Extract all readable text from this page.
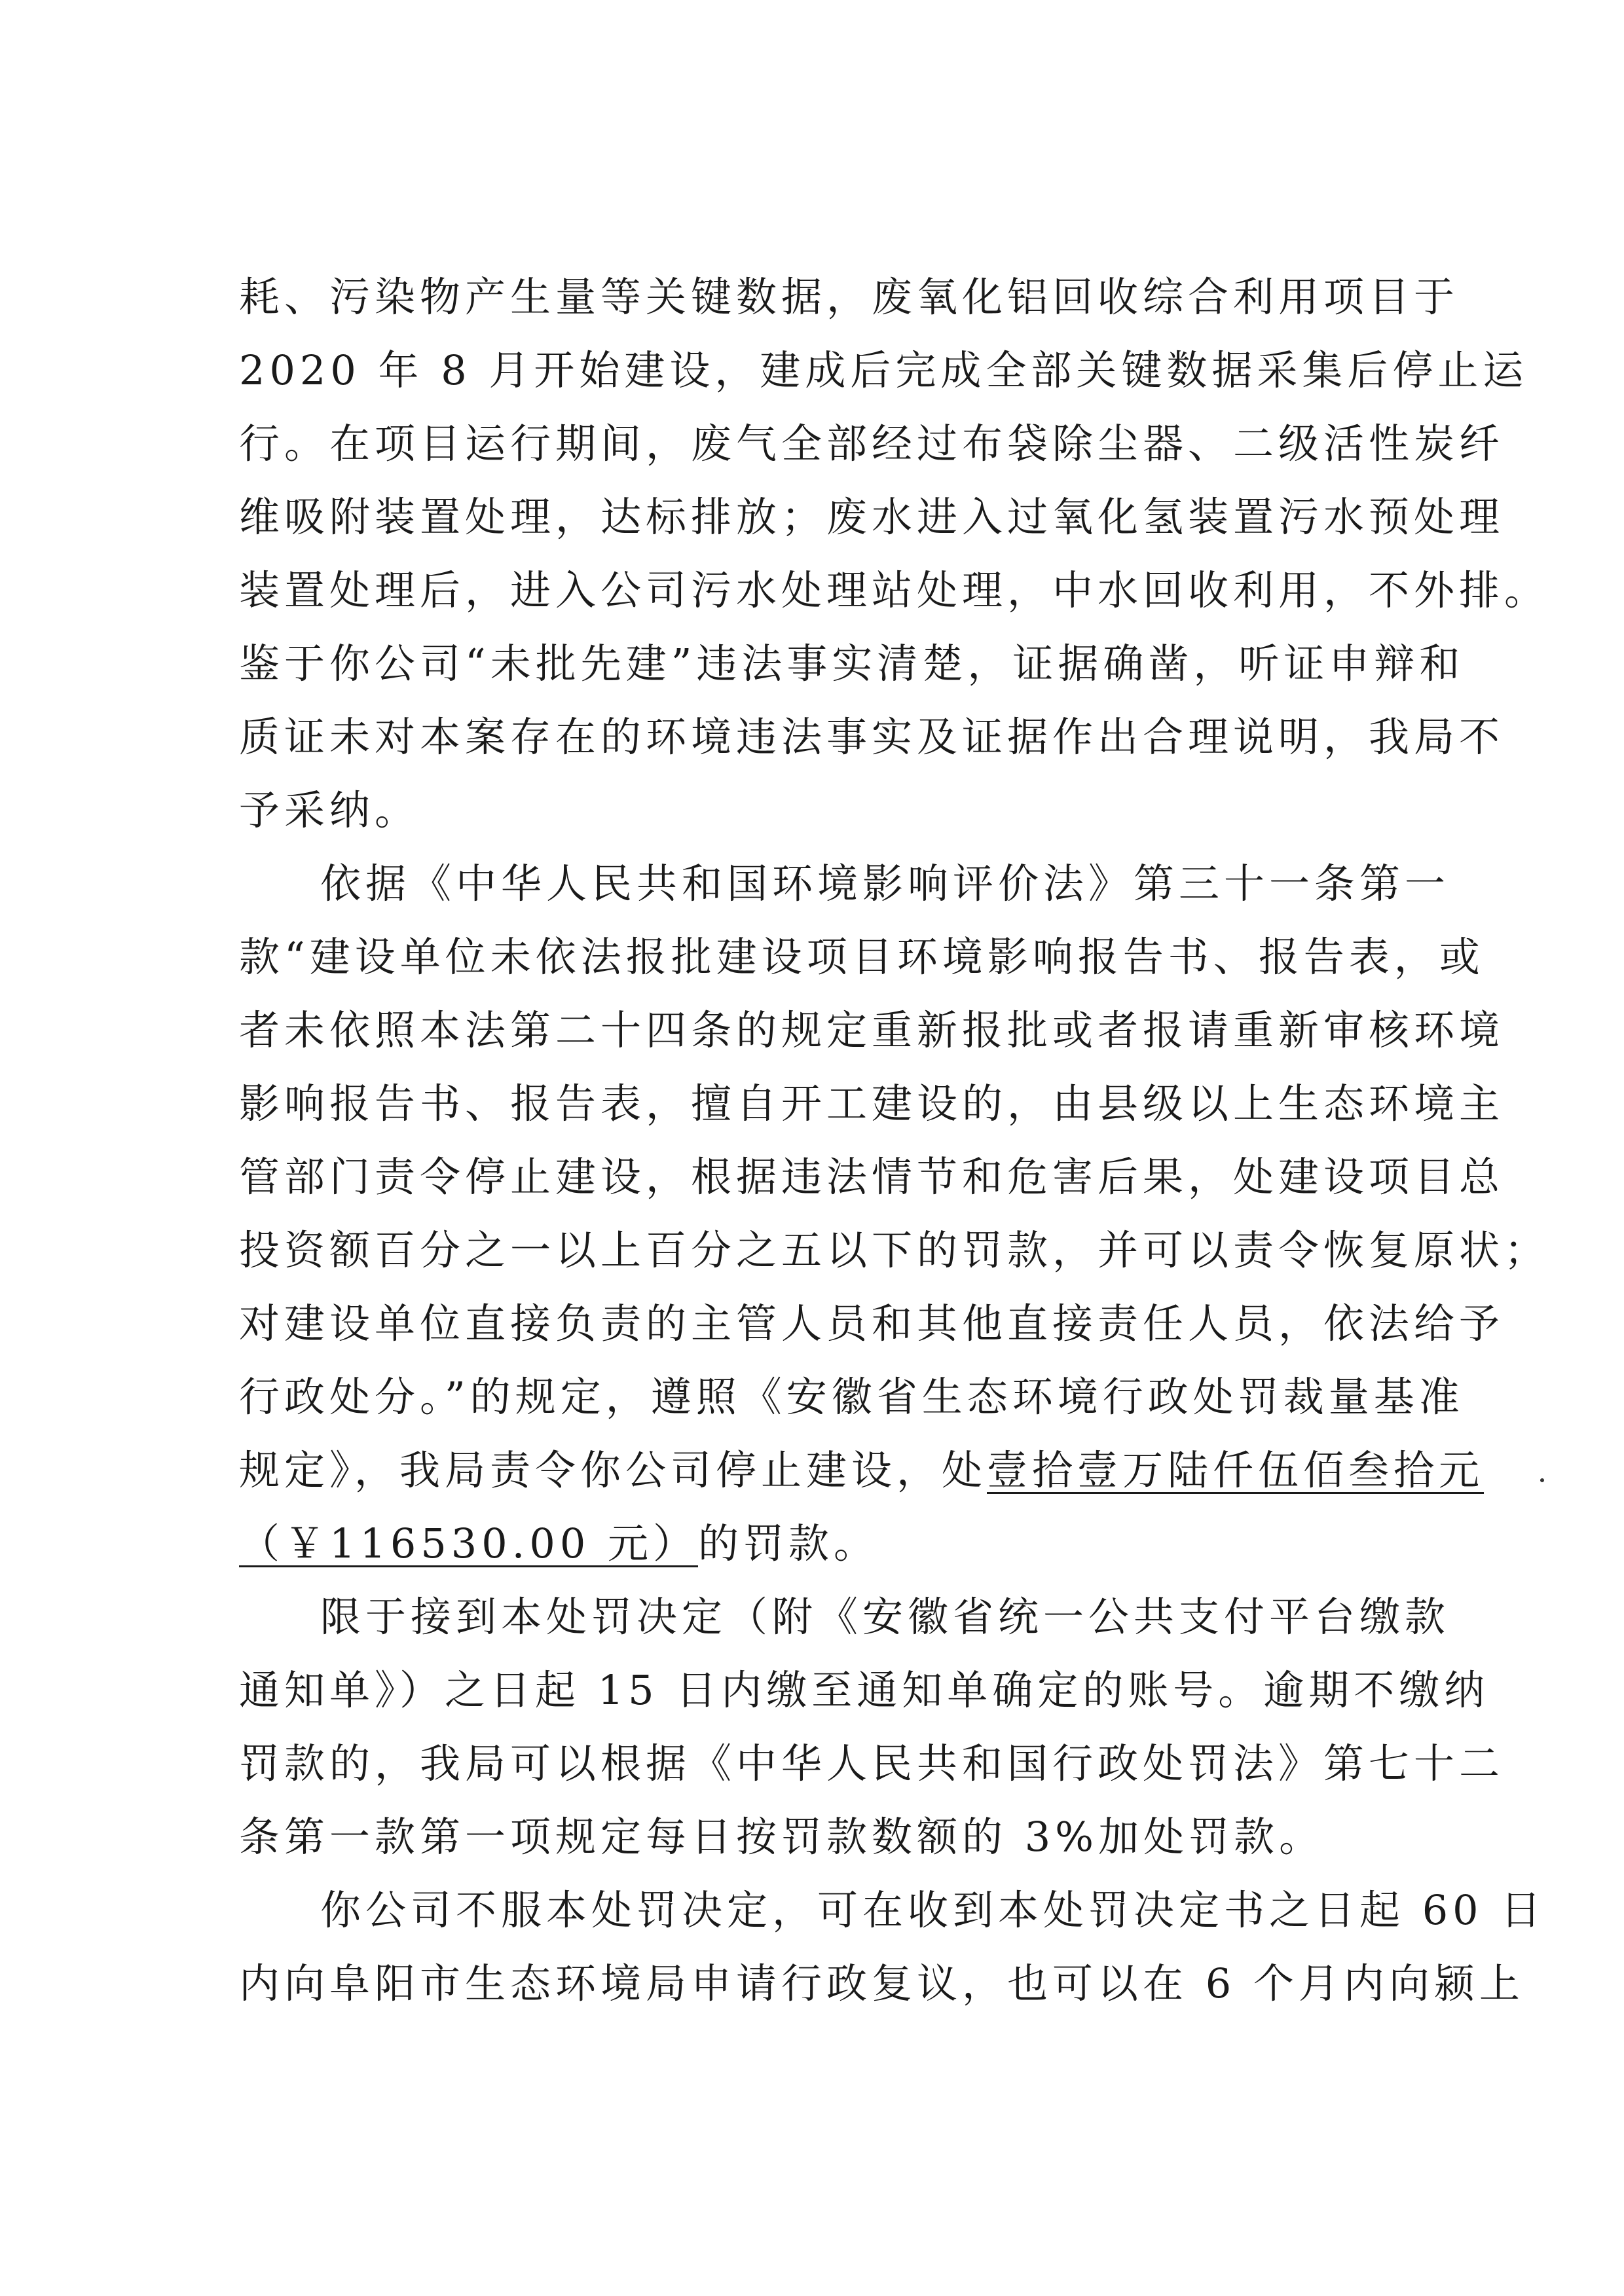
耗、污染物产生量等关键数据，废氧化铝回收综合利用项目于
2020 年 8 月开始建设，建成后完成全部关键数据采集后停止运
行。在项目运行期间，废气全部经过布袋除尘器、二级活性炭纤
维吸附装置处理，达标排放；废水进入过氧化氢装置污水预处理
装置处理后，进入公司污水处理站处理，中水回收利用，不外排。
鉴于你公司“未批先建”违法事实清楚，证据确凿，听证申辩和
质证未对本案存在的环境违法事实及证据作出合理说明，我局不
予采纳。
依据《中华人民共和国环境影响评价法》第三十一条第一
款“建设单位未依法报批建设项目环境影响报告书、报告表，或
者未依照本法第二十四条的规定重新报批或者报请重新审核环境
影响报告书、报告表，擅自开工建设的，由县级以上生态环境主
管部门责令停止建设，根据违法情节和危害后果，处建设项目总
投资额百分之一以上百分之五以下的罚款，并可以责令恢复原状；
对建设单位直接负责的主管人员和其他直接责任人员，依法给予
行政处分。”的规定，遵照《安徽省生态环境行政处罚裁量基准
规定》，我局责令你公司停止建设，处壹拾壹万陆仟伍佰叁拾元
（￥116530.00 元）的罚款。
限于接到本处罚决定（附《安徽省统一公共支付平台缴款
通知单》）之日起 15 日内缴至通知单确定的账号。逾期不缴纳
罚款的，我局可以根据《中华人民共和国行政处罚法》第七十二
条第一款第一项规定每日按罚款数额的 3%加处罚款。
你公司不服本处罚决定，可在收到本处罚决定书之日起 60 日
内向阜阳市生态环境局申请行政复议，也可以在 6 个月内向颍上
